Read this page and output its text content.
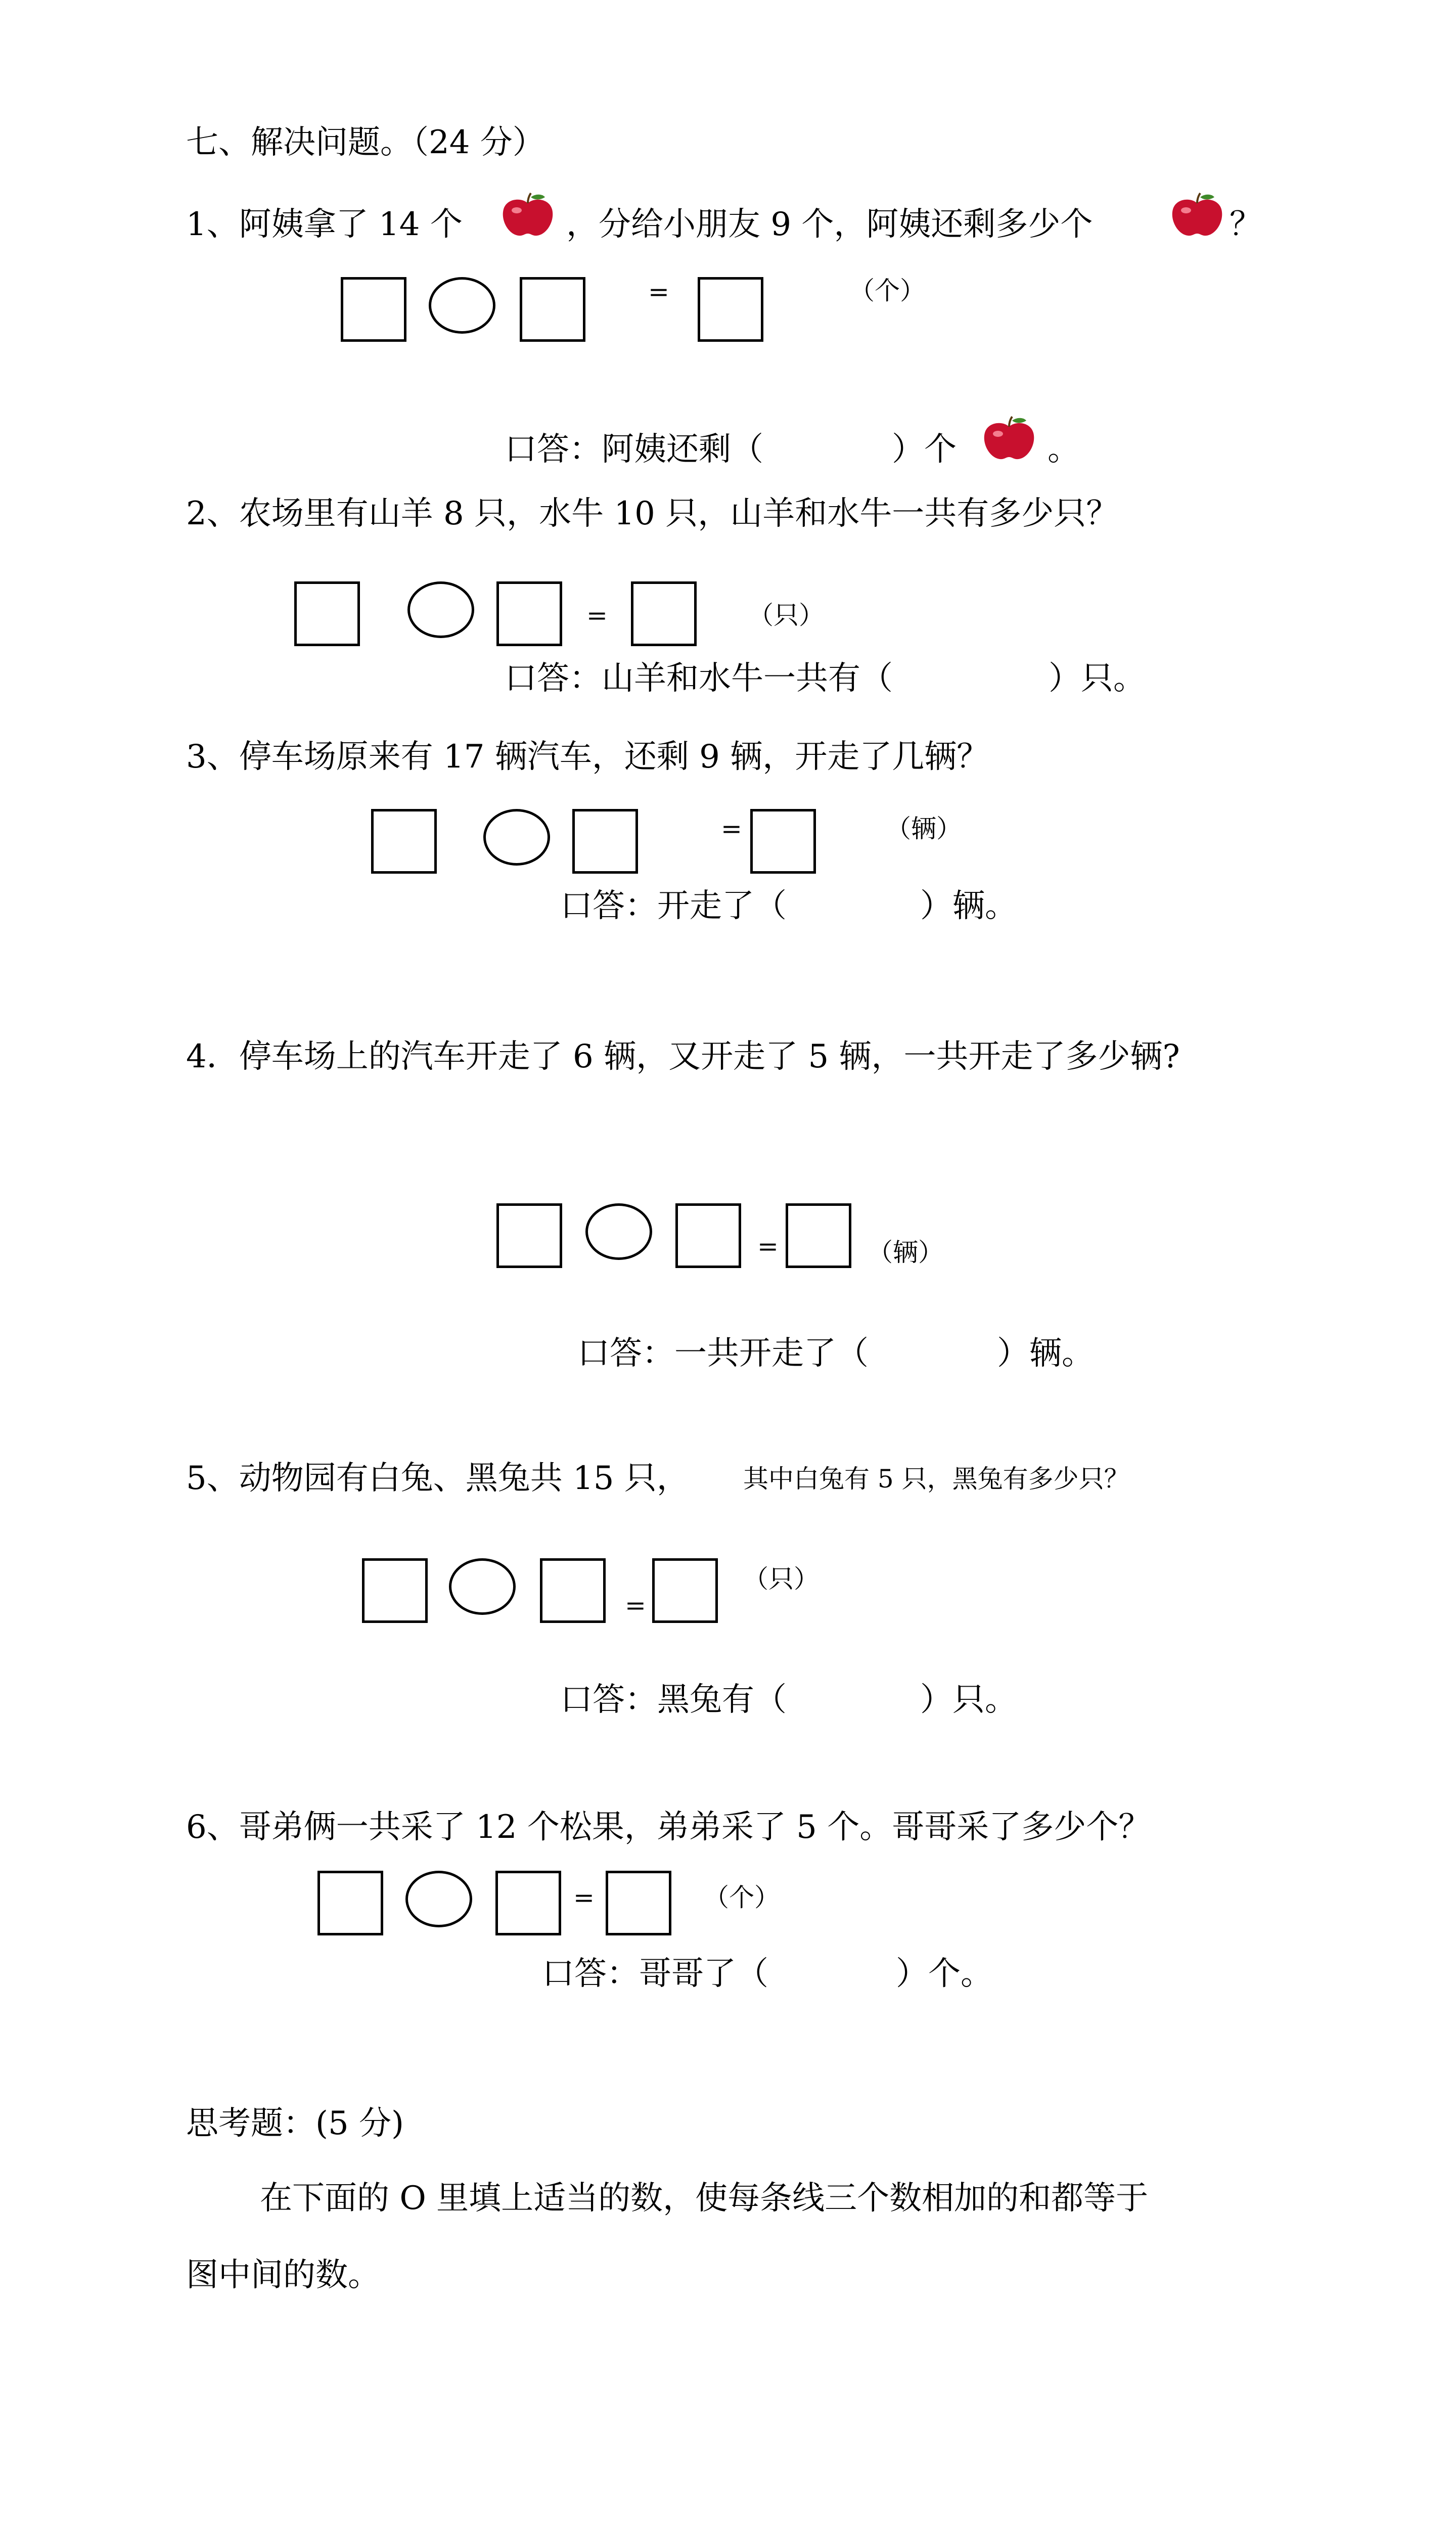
七、解决问题。（24 分）
1、阿姨拿了 14 个	，分给小朋友 9 个，阿姨还剩多少个	？
=	（个）
口答：阿姨还剩（	）个	。
2、农场里有山羊 8 只，水牛 10 只，山羊和水牛一共有多少只？
=	（只）
口答：山羊和水牛一共有（	）只。
3、停车场原来有 17 辆汽车，还剩 9 辆，开走了几辆？
=	（辆）
口答：开走了（	）辆。
4．停车场上的汽车开走了 6 辆，又开走了 5 辆，一共开走了多少辆?
=	（辆）
口答：一共开走了（	）辆。
5、动物园有白兔、黑兔共 15 只， 其中白兔有 5 只，黑兔有多少只？
=
（只）
口答：黑兔有（	）只。
6、哥弟俩一共采了 12 个松果，弟弟采了 5 个。哥哥采了多少个？
=	（个）
口答：哥哥了（	）个。
思考题：(5 分)
在下面的 O 里填上适当的数，使每条线三个数相加的和都等于
图中间的数。
